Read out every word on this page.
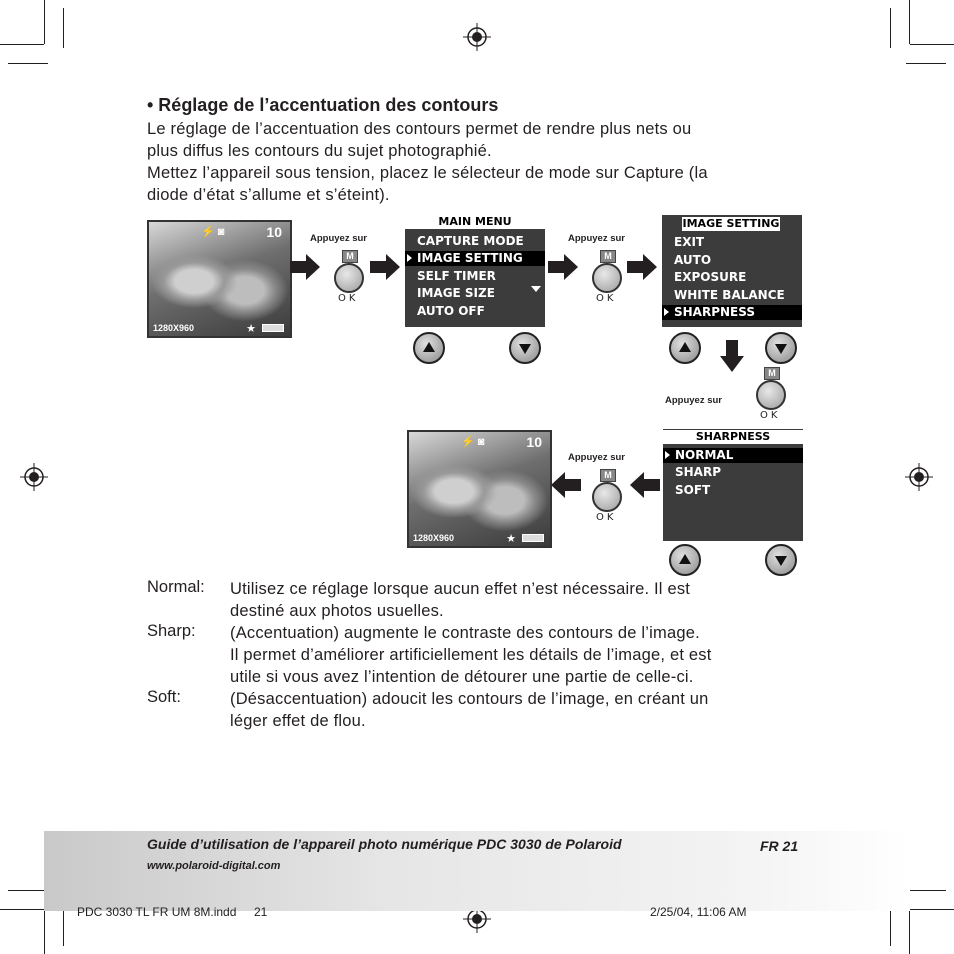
• Réglage de l’accentuation des contours
Le réglage de l’accentuation des contours permet de rendre plus nets ou
plus diffus les contours du sujet photographié.
Mettez l’appareil sous tension, placez le sélecteur de mode sur Capture (la
diode d’état s’allume et s’éteint).
⚡ ◙	10
1280X960	★
Appuyez sur
M
OK
MAIN MENU
CAPTURE MODE
IMAGE SETTING
SELF TIMER
IMAGE SIZE
AUTO OFF
Appuyez sur
M
OK
IMAGE SETTING
EXIT
AUTO
EXPOSURE
WHITE BALANCE
SHARPNESS
Appuyez sur
M
OK
⚡ ◙	10
1280X960	★
Appuyez sur
M
OK
SHARPNESS
NORMAL
SHARP
SOFT
Normal: Utilisez ce réglage lorsque aucun effet n’est nécessaire. Il est
destiné aux photos usuelles.
Sharp: (Accentuation) augmente le contraste des contours de l’image.
Il permet d’améliorer artificiellement les détails de l’image, et est
utile si vous avez l’intention de détourer une partie de celle-ci.
Soft:	(Désaccentuation) adoucit les contours de l’image, en créant un
léger effet de flou.
Guide d’utilisation de l’appareil photo numérique PDC 3030 de Polaroid	FR 21
www.polaroid-digital.com
PDC 3030 TL FR UM 8M.indd 21	2/25/04, 11:06 AM
